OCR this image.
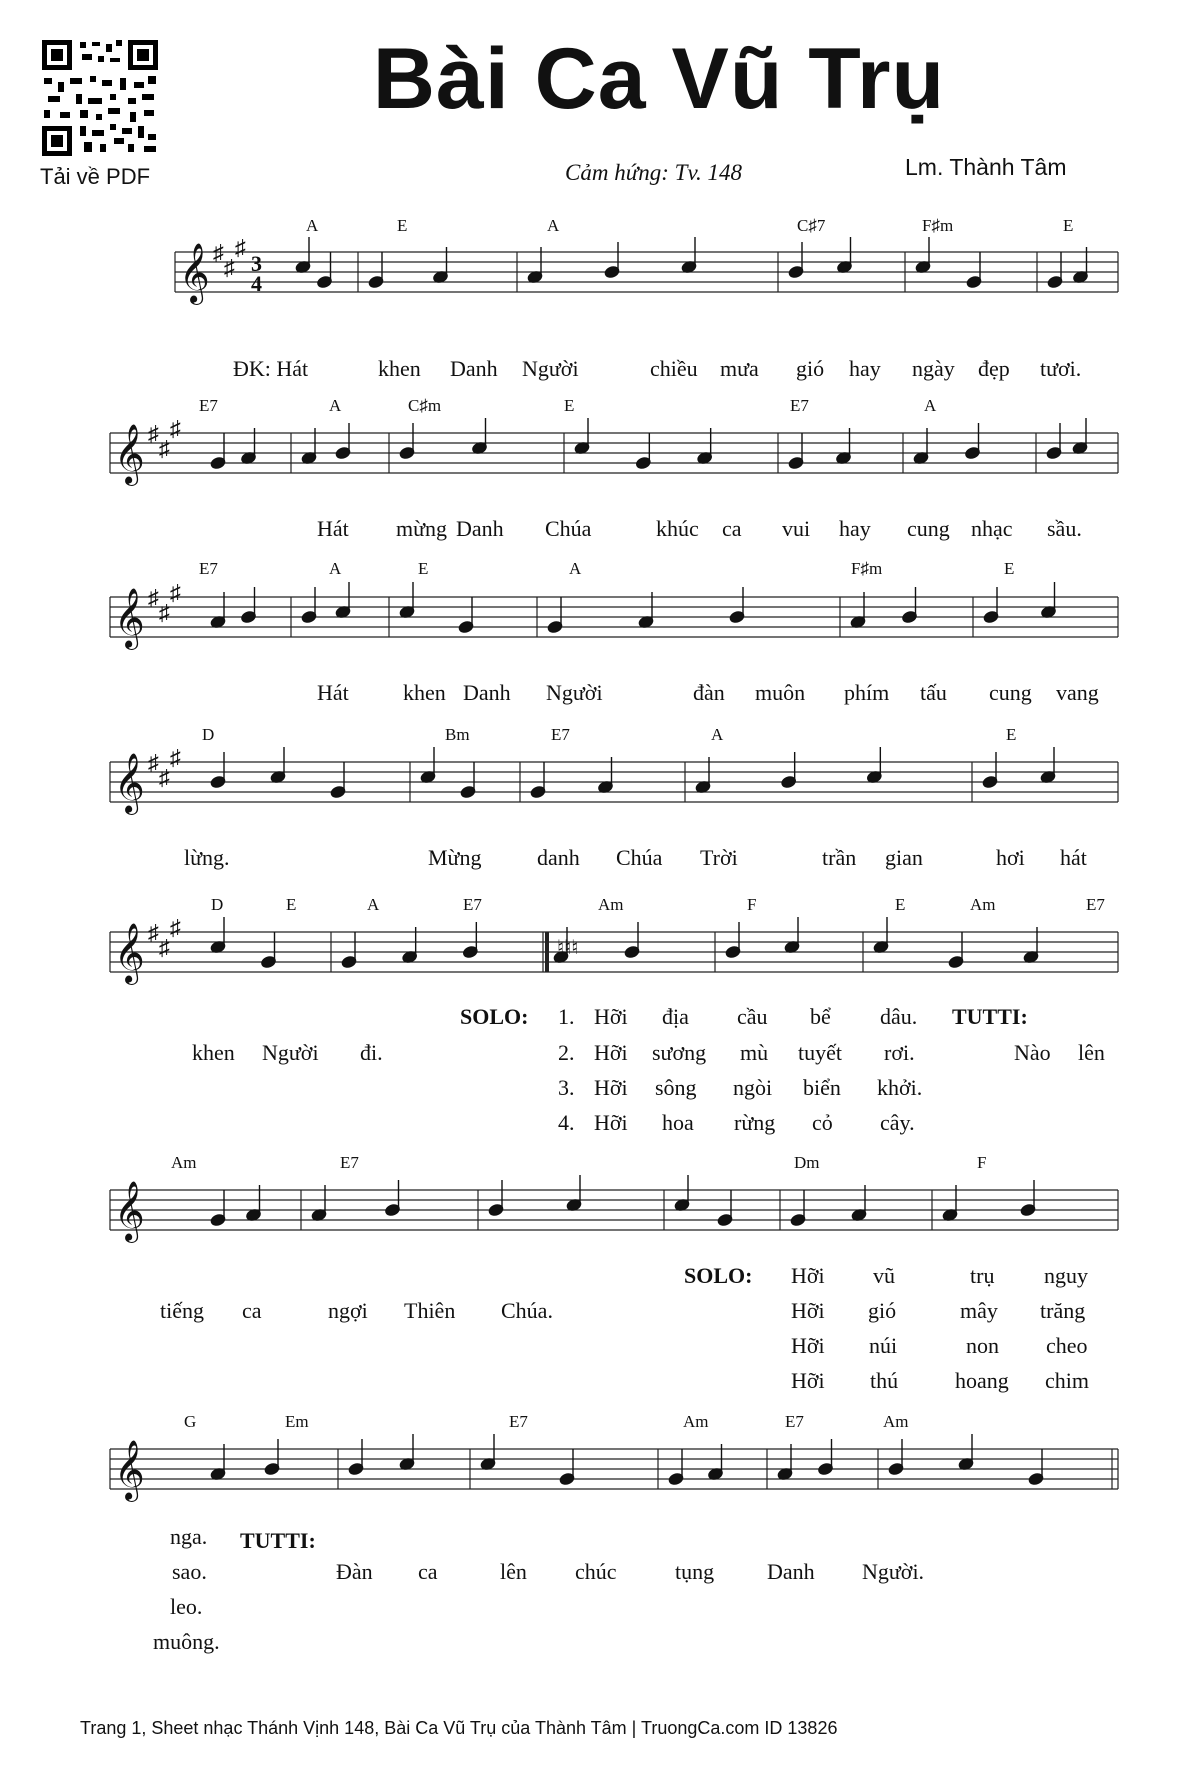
Tải về PDF
Bài Ca Vũ Trụ
Cảm hứng: Tv. 148	Lm. Thành Tâm
𝄞 ♯
♯
♯
3
4
𝄞 ♯
♯
♯
𝄞 ♯
♯
♯
𝄞 ♯
♯
♯
𝄞 ♯
♯
♯
♮♮♮
𝄞
𝄞
A	E	A	C♯7	F♯m	E
ĐK: Hát	khen Danh Người	chiều mưa gió hay ngày đẹp tươi.
E7	A	C♯m	E	E7	A
Hát mừng Danh Chúa	khúc ca vui hay cung nhạc sầu.
E7	A	E	A	F♯m	E
Hát khen Danh Người	đàn muôn phím tấu cung vang
D	Bm	E7	A	E
lừng.	Mừng	danh Chúa Trời	trần gian	hơi hát
D	E	A	E7	Am	F	E	Am	E7
SOLO: 1. Hỡi địa cầu bể dâu. TUTTI:
khen Người đi.	2. Hỡi sương mù tuyết rơi.	Nào lên
3. Hỡi sông ngòi biển khởi.
4. Hỡi hoa rừng cỏ cây.
Am	E7	Dm	F
SOLO: Hỡi vũ	trụ nguy
tiếng ca	ngợi Thiên Chúa.	Hỡi gió	mây trăng
Hỡi núi	non cheo
Hỡi thú	hoang chim
G	Em	E7	Am	E7	Am
nga. TUTTI:
sao.	Đàn ca	lên chúc	tụng Danh Người.
leo.
muông.
Trang 1, Sheet nhạc Thánh Vịnh 148, Bài Ca Vũ Trụ của Thành Tâm | TruongCa.com ID 13826
